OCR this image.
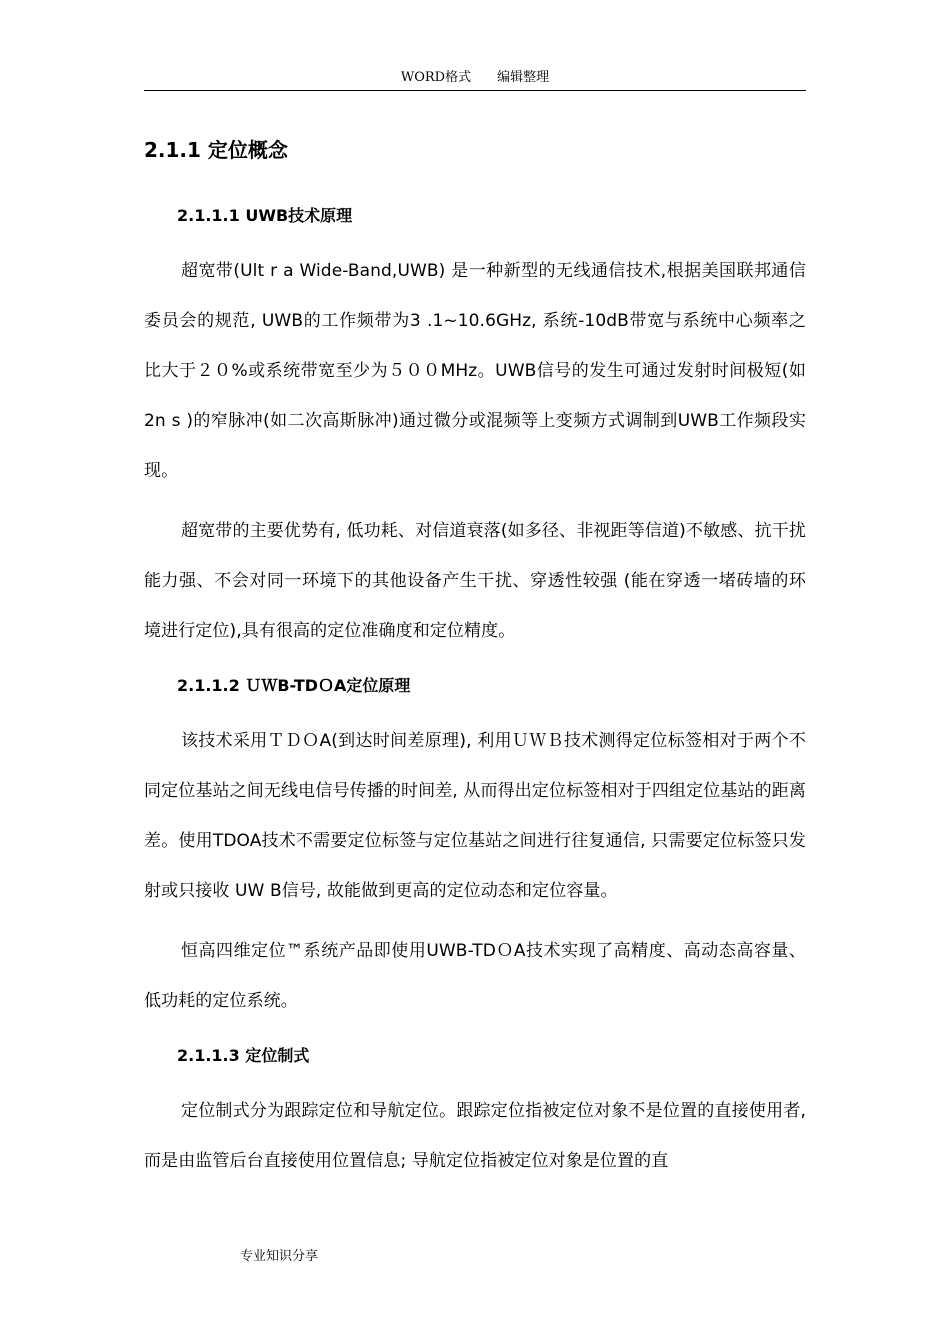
WORD格式 编辑整理
2.1.1 定位概念
2.1.1.1 UWB技术原理

超宽带(Ult r a Wide-Band,UWB) 是一种新型的无线通信技术,根据美国联邦通信委员会的规范, UWB的工作频带为3 .1~10.6GHz, 系统-10dB带宽与系统中心频率之比大于２０%或系统带宽至少为５００MHz。UWB信号的发生可通过发射时间极短(如 2n s )的窄脉冲(如二次高斯脉冲)通过微分或混频等上变频方式调制到UWB工作频段实现。

超宽带的主要优势有, 低功耗、对信道衰落(如多径、非视距等信道)不敏感、抗干扰能力强、不会对同一环境下的其他设备产生干扰、穿透性较强 (能在穿透一堵砖墙的环境进行定位),具有很高的定位准确度和定位精度。

2.1.1.2 ＵＷB-TDＯA定位原理

该技术采用ＴＤＯA(到达时间差原理), 利用ＵＷＢ技术测得定位标签相对于两个不同定位基站之间无线电信号传播的时间差, 从而得出定位标签相对于四组定位基站的距离差。使用TDOA技术不需要定位标签与定位基站之间进行往复通信, 只需要定位标签只发射或只接收 UW B信号, 故能做到更高的定位动态和定位容量。

恒高四维定位™系统产品即使用UWB-TDＯA技术实现了高精度、高动态高容量、低功耗的定位系统。

2.1.1.3 定位制式

定位制式分为跟踪定位和导航定位。跟踪定位指被定位对象不是位置的直接使用者,而是由监管后台直接使用位置信息; 导航定位指被定位对象是位置的直

专业知识分享
